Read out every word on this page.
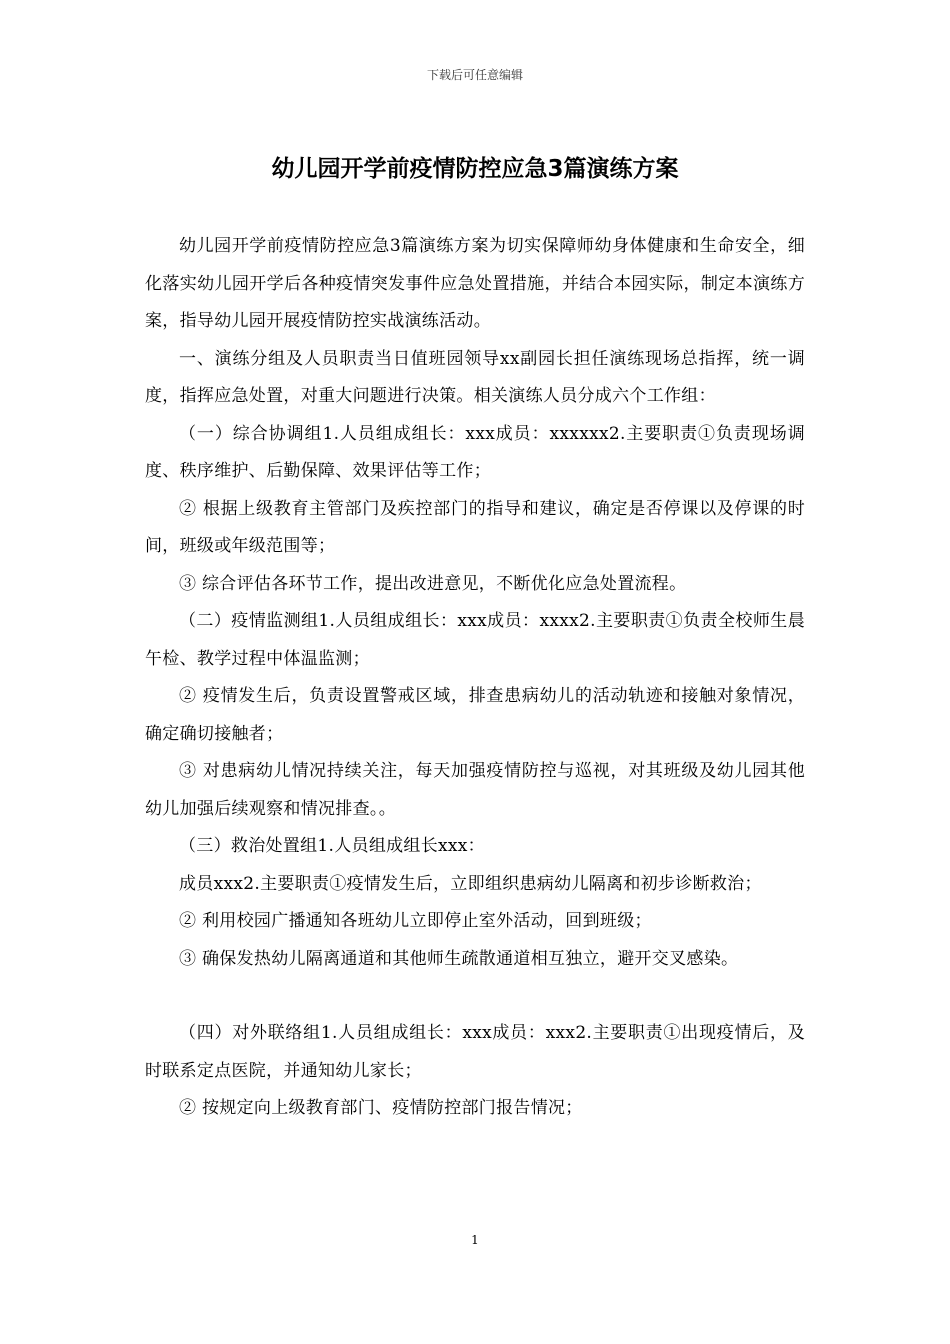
下载后可任意编辑
幼儿园开学前疫情防控应急3篇演练方案

幼儿园开学前疫情防控应急3篇演练方案为切实保障师幼身体健康和生命安全，细化落实幼儿园开学后各种疫情突发事件应急处置措施，并结合本园实际，制定本演练方案，指导幼儿园开展疫情防控实战演练活动。

一、演练分组及人员职责当日值班园领导xx副园长担任演练现场总指挥，统一调度，指挥应急处置，对重大问题进行决策。相关演练人员分成六个工作组：

（一）综合协调组1.人员组成组长：xxx成员：xxxxxx2.主要职责①负责现场调度、秩序维护、后勤保障、效果评估等工作；

② 根据上级教育主管部门及疾控部门的指导和建议，确定是否停课以及停课的时间，班级或年级范围等；

③ 综合评估各环节工作，提出改进意见，不断优化应急处置流程。

（二）疫情监测组1.人员组成组长：xxx成员：xxxx2.主要职责①负责全校师生晨午检、教学过程中体温监测；

② 疫情发生后，负责设置警戒区域，排查患病幼儿的活动轨迹和接触对象情况，确定确切接触者；

③ 对患病幼儿情况持续关注，每天加强疫情防控与巡视，对其班级及幼儿园其他幼儿加强后续观察和情况排查。。

（三）救治处置组1.人员组成组长xxx：

成员xxx2.主要职责①疫情发生后，立即组织患病幼儿隔离和初步诊断救治；

② 利用校园广播通知各班幼儿立即停止室外活动，回到班级；

③ 确保发热幼儿隔离通道和其他师生疏散通道相互独立，避开交叉感染。

（四）对外联络组1.人员组成组长：xxx成员：xxx2.主要职责①出现疫情后，及时联系定点医院，并通知幼儿家长；

② 按规定向上级教育部门、疫情防控部门报告情况；

1
